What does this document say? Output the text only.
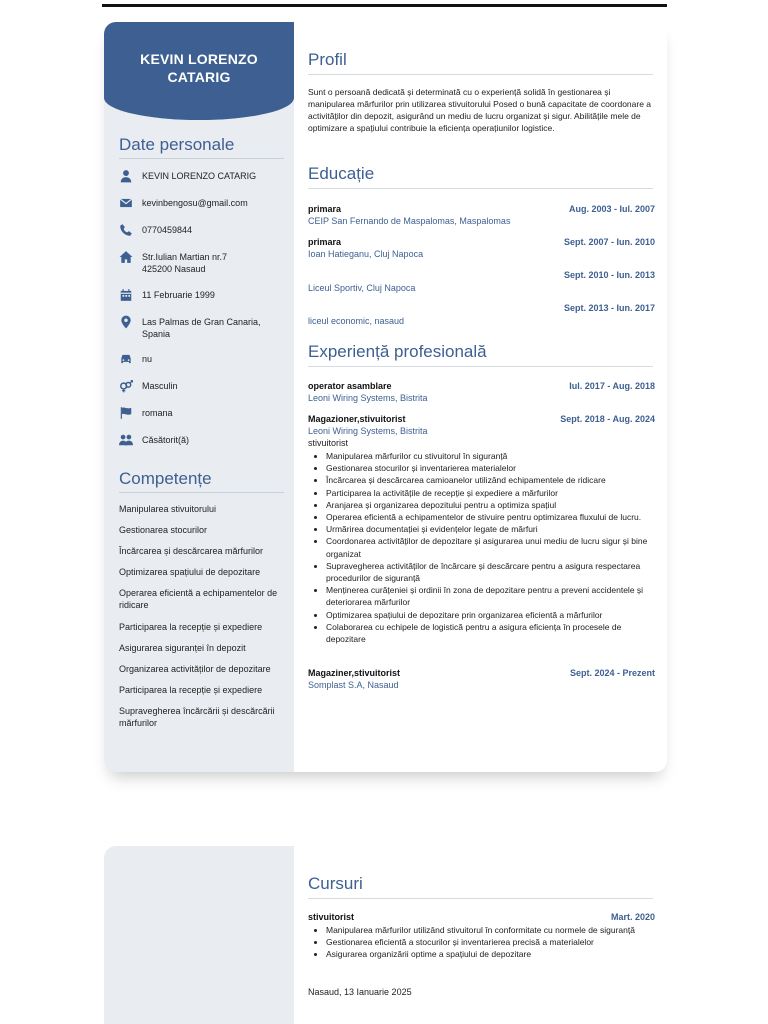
KEVIN LORENZO
CATARIG
Date personale
KEVIN LORENZO CATARIG
kevinbengosu@gmail.com
0770459844
Str.Iulian Martian nr.7
425200 Nasaud
11 Februarie 1999
Las Palmas de Gran Canaria,
Spania
nu
Masculin
romana
Căsătorit(ă)
Competențe
Manipularea stivuitorului
Gestionarea stocurilor
Încărcarea și descărcarea mărfurilor
Optimizarea spațiului de depozitare
Operarea eficientă a echipamentelor de ridicare
Participarea la recepție și expediere
Asigurarea siguranței în depozit
Organizarea activităților de depozitare
Participarea la recepție și expediere
Supravegherea încărcării și descărcării mărfurilor
Profil
Sunt o persoană dedicată și determinată cu o experiență solidă în gestionarea și manipularea mărfurilor prin utilizarea stivuitorului Posed o bună capacitate de coordonare a activităților din depozit, asigurând un mediu de lucru organizat și sigur. Abilitățile mele de optimizare a spațiului contribuie la eficiența operațiunilor logistice.
Educație
primara	Aug. 2003 - Iul. 2007
CEIP San Fernando de Maspalomas, Maspalomas
primara	Sept. 2007 - Iun. 2010
Ioan Hatieganu, Cluj Napoca
Sept. 2010 - Iun. 2013
Liceul Sportiv, Cluj Napoca
Sept. 2013 - Iun. 2017
liceul economic, nasaud
Experiență profesională
operator asamblare	Iul. 2017 - Aug. 2018
Leoni Wiring Systems, Bistrita
Magazioner,stivuitorist	Sept. 2018 - Aug. 2024
Leoni Wiring Systems, Bistrita
stivuitorist
• Manipularea mărfurilor cu stivuitorul în siguranță
• Gestionarea stocurilor și inventarierea materialelor
• Încărcarea și descărcarea camioanelor utilizând echipamentele de ridicare
• Participarea la activitățile de recepție și expediere a mărfurilor
• Aranjarea și organizarea depozitului pentru a optimiza spațiul
• Operarea eficientă a echipamentelor de stivuire pentru optimizarea fluxului de lucru.
• Urmărirea documentației și evidențelor legate de mărfuri
• Coordonarea activităților de depozitare și asigurarea unui mediu de lucru sigur și bine organizat
• Supravegherea activităților de încărcare și descărcare pentru a asigura respectarea procedurilor de siguranță
• Menținerea curățeniei și ordinii în zona de depozitare pentru a preveni accidentele și deteriorarea mărfurilor
• Optimizarea spațiului de depozitare prin organizarea eficientă a mărfurilor
• Colaborarea cu echipele de logistică pentru a asigura eficiența în procesele de depozitare
Magaziner,stivuitorist	Sept. 2024 - Prezent
Somplast S.A, Nasaud
Cursuri
stivuitorist	Mart. 2020
• Manipularea mărfurilor utilizând stivuitorul în conformitate cu normele de siguranță
• Gestionarea eficientă a stocurilor și inventarierea precisă a materialelor
• Asigurarea organizării optime a spațiului de depozitare
Nasaud, 13 Ianuarie 2025
